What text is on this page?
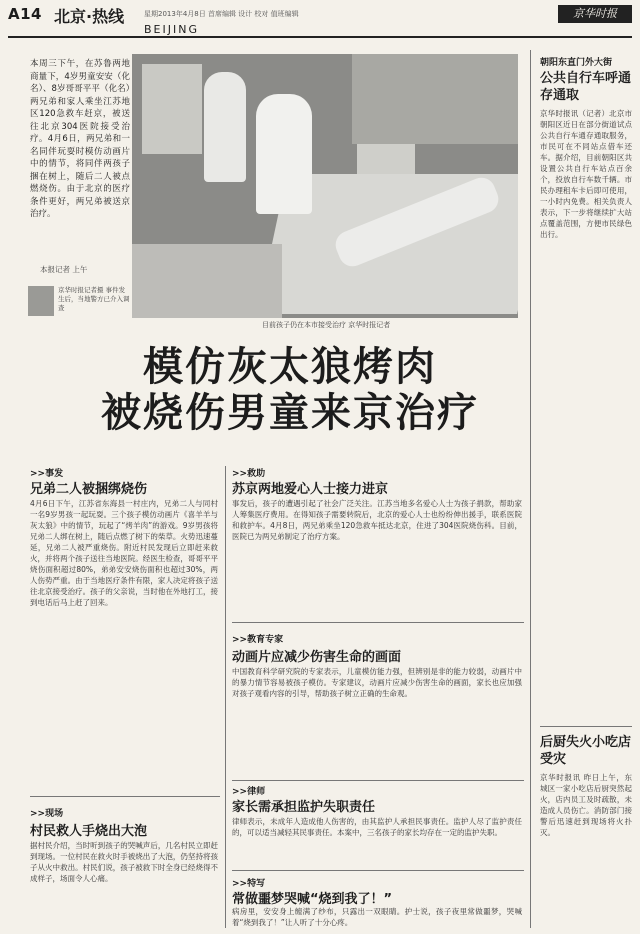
A14 北京·热线	星期2013年4月8日 首席编辑 设计 校对 值班编辑
BEIJING
京华时报
本周三下午，在苏鲁两地商量下，4岁男童安安（化名）、8岁哥哥平平（化名）两兄弟和家人乘坐江苏地区120急救车赶京，被送往北京304医院接受治疗。4月6日，两兄弟和一名同伴玩耍时模仿动画片中的情节，将同伴两孩子捆在树上，随后二人被点燃烧伤。由于北京的医疗条件更好，两兄弟被送京治疗。
本报记者 上午
京华时报记者摄 事件发生后，当地警方已介入调查
目前孩子仍在本市接受治疗 京华时报记者
模仿灰太狼烤肉
被烧伤男童来京治疗
>>事发
兄弟二人被捆绑烧伤
4月6日下午，江苏省东海县一村庄内，兄弟二人与同村一名9岁男孩一起玩耍。三个孩子模仿动画片《喜羊羊与灰太狼》中的情节，玩起了“烤羊肉”的游戏。9岁男孩将兄弟二人绑在树上，随后点燃了树下的柴草。火势迅速蔓延，兄弟二人被严重烧伤。附近村民发现后立即赶来救火，并将两个孩子送往当地医院。经医生检查，哥哥平平烧伤面积超过80%，弟弟安安烧伤面积也超过30%，两人伤势严重。由于当地医疗条件有限，家人决定将孩子送往北京接受治疗。孩子的父亲说，当时他在外地打工，接到电话后马上赶了回来。
>>现场
村民救人手烧出大泡
据村民介绍，当时听到孩子的哭喊声后，几名村民立即赶到现场。一位村民在救火时手被烧出了大泡，仍坚持将孩子从火中救出。村民们说，孩子被救下时全身已经烧得不成样子，场面令人心痛。
>>救助
苏京两地爱心人士接力进京
事发后，孩子的遭遇引起了社会广泛关注。江苏当地多名爱心人士为孩子捐款，帮助家人筹集医疗费用。在得知孩子需要转院后，北京的爱心人士也纷纷伸出援手，联系医院和救护车。4月8日，两兄弟乘坐120急救车抵达北京，住进了304医院烧伤科。目前，医院已为两兄弟制定了治疗方案。
>>教育专家
动画片应减少伤害生命的画面
中国教育科学研究院的专家表示，儿童模仿能力强，但辨别是非的能力较弱，动画片中的暴力情节容易被孩子模仿。专家建议，动画片应减少伤害生命的画面，家长也应加强对孩子观看内容的引导，帮助孩子树立正确的生命观。
>>律师
家长需承担监护失职责任
律师表示，未成年人造成他人伤害的，由其监护人承担民事责任。监护人尽了监护责任的，可以适当减轻其民事责任。本案中，三名孩子的家长均存在一定的监护失职。
>>特写
常做噩梦哭喊“烧到我了！”
病房里，安安身上缠满了纱布，只露出一双眼睛。护士说，孩子夜里常做噩梦，哭喊着“烧到我了！”让人听了十分心疼。
朝阳东直门外大街
公共自行车呼通存通取
京华时报讯（记者）北京市朝阳区近日在部分街道试点公共自行车通存通取服务，市民可在不同站点借车还车。据介绍，目前朝阳区共设置公共自行车站点百余个，投放自行车数千辆。市民办理租车卡后即可使用，一小时内免费。相关负责人表示，下一步将继续扩大站点覆盖范围，方便市民绿色出行。
后厨失火小吃店受灾
京华时报讯 昨日上午，东城区一家小吃店后厨突然起火，店内员工及时疏散，未造成人员伤亡。消防部门接警后迅速赶到现场将火扑灭。
